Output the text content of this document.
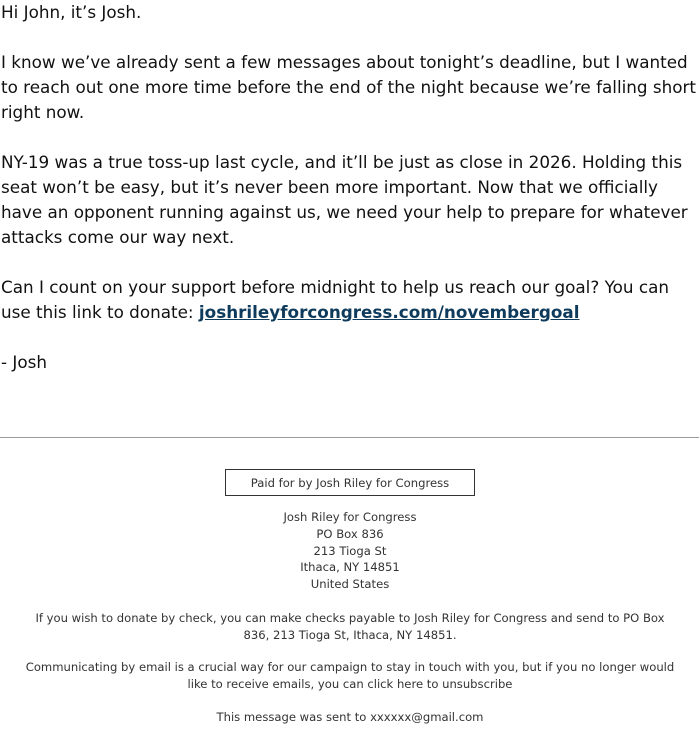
Hi John, it’s Josh.

I know we’ve already sent a few messages about tonight’s deadline, but I wanted to reach out one more time before the end of the night because we’re falling short right now.

NY-19 was a true toss-up last cycle, and it’ll be just as close in 2026. Holding this seat won’t be easy, but it’s never been more important. Now that we officially have an opponent running against us, we need your help to prepare for whatever attacks come our way next.

Can I count on your support before midnight to help us reach our goal? You can use this link to donate: joshrileyforcongress.com/novembergoal

- Josh

Paid for by Josh Riley for Congress
Josh Riley for Congress
PO Box 836
213 Tioga St
Ithaca, NY 14851
United States
If you wish to donate by check, you can make checks payable to Josh Riley for Congress and send to PO Box 836, 213 Tioga St, Ithaca, NY 14851.
Communicating by email is a crucial way for our campaign to stay in touch with you, but if you no longer would like to receive emails, you can click here to unsubscribe
This message was sent to xxxxxx@gmail.com
